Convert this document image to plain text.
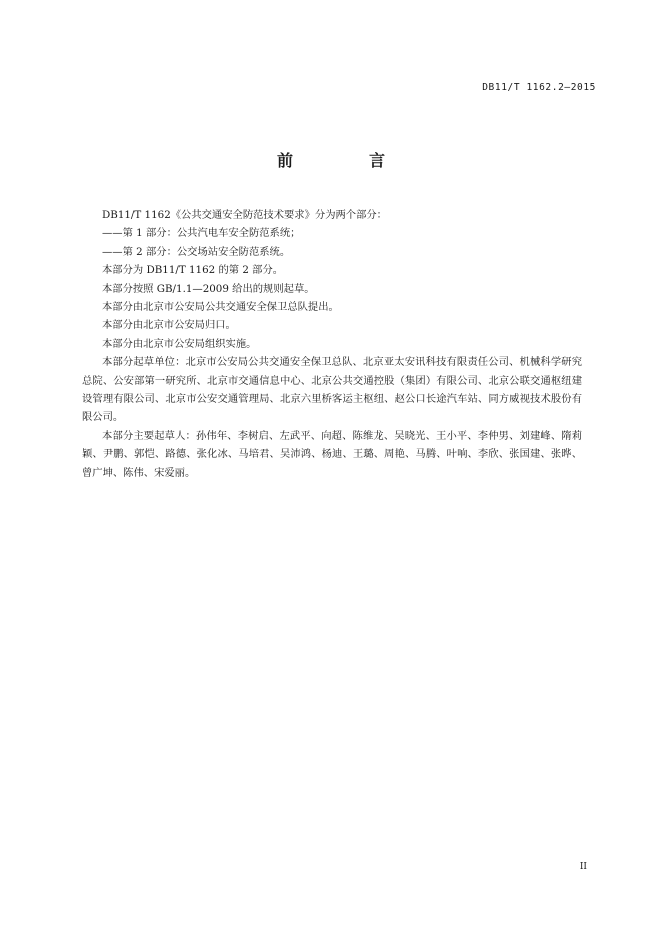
DB11/T 1162.2—2015
前　言

DB11/T 1162《公共交通安全防范技术要求》分为两个部分：

——第 1 部分：公共汽电车安全防范系统；

——第 2 部分：公交场站安全防范系统。

本部分为 DB11/T 1162 的第 2 部分。

本部分按照 GB/1.1—2009 给出的规则起草。

本部分由北京市公安局公共交通安全保卫总队提出。

本部分由北京市公安局归口。

本部分由北京市公安局组织实施。

本部分起草单位：北京市公安局公共交通安全保卫总队、北京亚太安讯科技有限责任公司、机械科学研究总院、公安部第一研究所、北京市交通信息中心、北京公共交通控股（集团）有限公司、北京公联交通枢纽建设管理有限公司、北京市公安交通管理局、北京六里桥客运主枢纽、赵公口长途汽车站、同方威视技术股份有限公司。

本部分主要起草人：孙伟年、李树启、左武平、向超、陈维龙、吴晓光、王小平、李仲男、刘建峰、隋莉颖、尹鹏、郭恺、路德、张化冰、马培君、吴沛鸿、杨迪、王璐、周艳、马腾、叶响、李欣、张国建、张晔、曾广坤、陈伟、宋爱丽。

II
